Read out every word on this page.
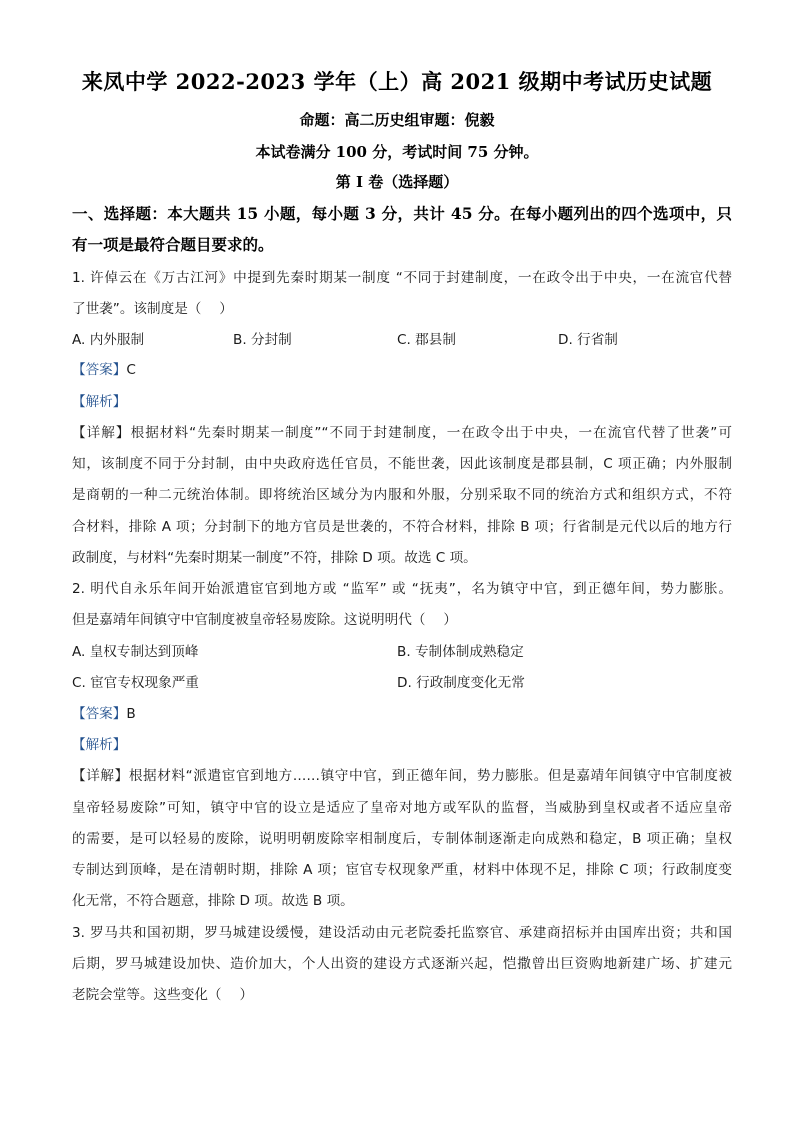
来凤中学 2022-2023 学年（上）高 2021 级期中考试历史试题
命题：高二历史组审题：倪毅
本试卷满分 100 分，考试时间 75 分钟。
第 I 卷（选择题）
一、选择题：本大题共 15 小题，每小题 3 分，共计 45 分。在每小题列出的四个选项中，只
有一项是最符合题目要求的。
1. 许倬云在《万古江河》中提到先秦时期某一制度 “不同于封建制度，一在政令出于中央，一在流官代替
了世袭”。该制度是（　 ）
A. 内外服制	B. 分封制	C. 郡县制	D. 行省制
【答案】C
【解析】
【详解】根据材料“先秦时期某一制度”“不同于封建制度，一在政令出于中央，一在流官代替了世袭”可
知，该制度不同于分封制，由中央政府选任官员，不能世袭，因此该制度是郡县制，C 项正确；内外服制
是商朝的一种二元统治体制。即将统治区域分为内服和外服，分别采取不同的统治方式和组织方式，不符
合材料，排除 A 项；分封制下的地方官员是世袭的，不符合材料，排除 B 项；行省制是元代以后的地方行
政制度，与材料“先秦时期某一制度”不符，排除 D 项。故选 C 项。
2. 明代自永乐年间开始派遣宦官到地方或 “监军” 或 “抚夷”，名为镇守中官，到正德年间，势力膨胀。
但是嘉靖年间镇守中官制度被皇帝轻易废除。这说明明代（　 ）
A. 皇权专制达到顶峰	B. 专制体制成熟稳定
C. 宦官专权现象严重	D. 行政制度变化无常
【答案】B
【解析】
【详解】根据材料“派遣宦官到地方……镇守中官，到正德年间，势力膨胀。但是嘉靖年间镇守中官制度被
皇帝轻易废除”可知，镇守中官的设立是适应了皇帝对地方或军队的监督，当威胁到皇权或者不适应皇帝
的需要，是可以轻易的废除，说明明朝废除宰相制度后，专制体制逐渐走向成熟和稳定，B 项正确；皇权
专制达到顶峰，是在清朝时期，排除 A 项；宦官专权现象严重，材料中体现不足，排除 C 项；行政制度变
化无常，不符合题意，排除 D 项。故选 B 项。
3. 罗马共和国初期，罗马城建设缓慢，建设活动由元老院委托监察官、承建商招标并由国库出资；共和国
后期，罗马城建设加快、造价加大，个人出资的建设方式逐渐兴起，恺撒曾出巨资购地新建广场、扩建元
老院会堂等。这些变化（　 ）
